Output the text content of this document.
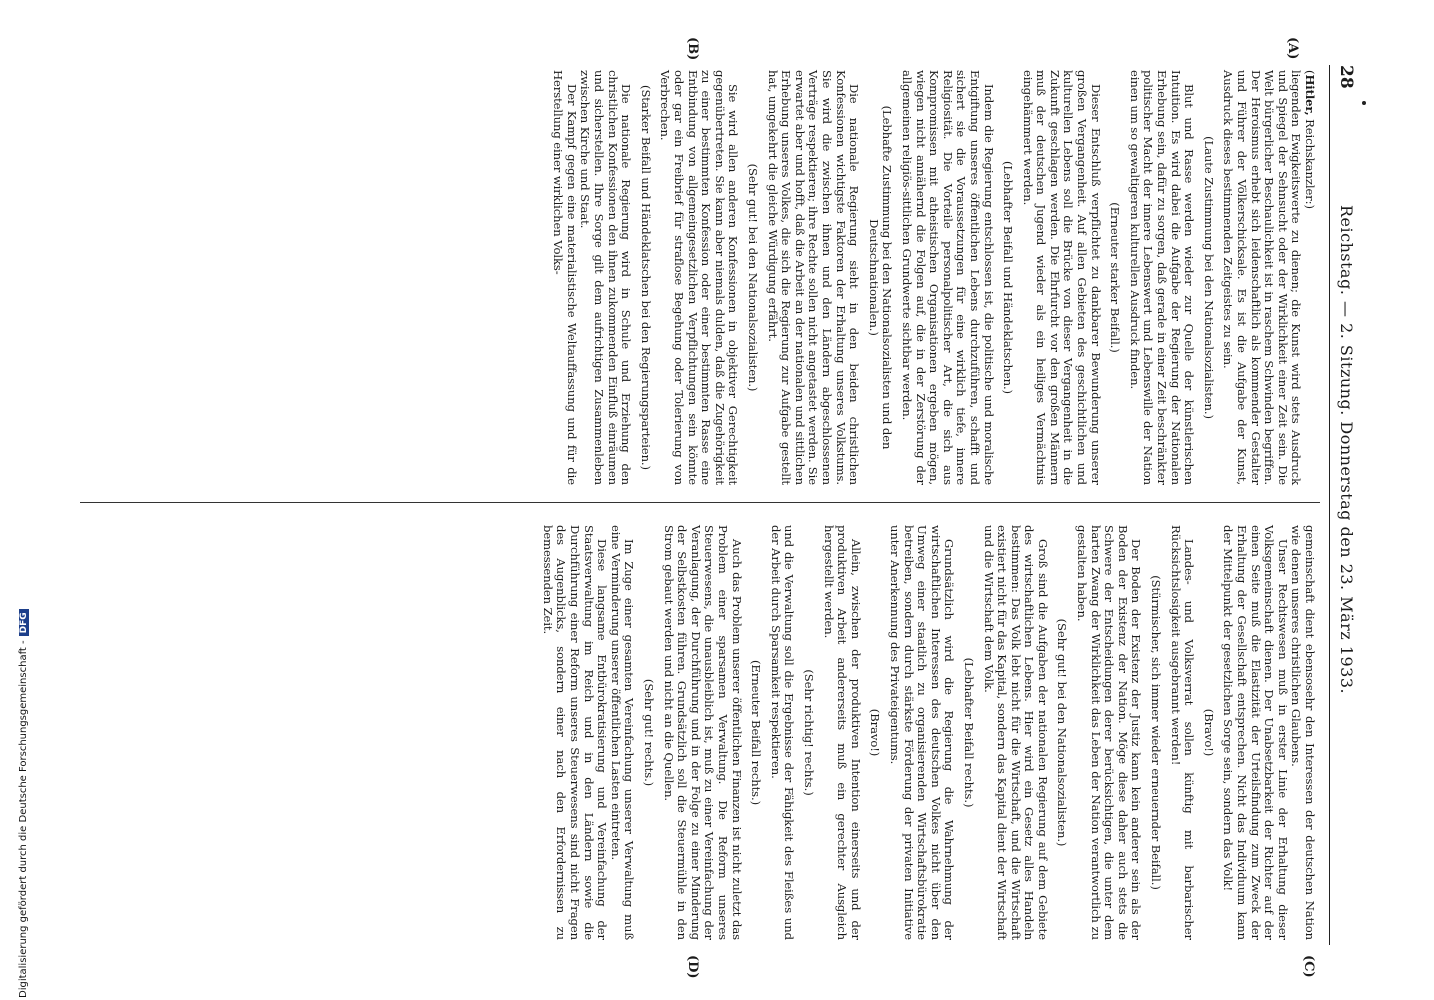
28
Reichstag. — 2. Sitzung. Donnerstag den 23. März 1933.
(A)
(B)
(C)
(D)

(Hitler, Reichskanzler:)

liegenden Ewigkeitswerte zu dienen; die Kunst wird stets Ausdruck und Spiegel der Sehnsucht oder der Wirklichkeit einer Zeit sein. Die Welt bürgerlicher Beschaulichkeit ist in raschem Schwinden begriffen. Der Heroismus erhebt sich leidenschaftlich als kommender Gestalter und Führer der Völkerschicksale. Es ist die Aufgabe der Kunst, Ausdruck dieses bestimmenden Zeitgeistes zu sein.

(Laute Zustimmung bei den Nationalsozialisten.)

Blut und Rasse werden wieder zur Quelle der künstlerischen Intuition. Es wird dabei die Aufgabe der Regierung der Nationalen Erhebung sein, dafür zu sorgen, daß gerade in einer Zeit beschränkter politischer Macht der innere Lebenswert und Lebenswille der Nation einen um so gewaltigeren kulturellen Ausdruck finden.

(Erneuter starker Beifall.)

Dieser Entschluß verpflichtet zu dankbarer Bewunderung unserer großen Vergangenheit. Auf allen Gebieten des geschichtlichen und kulturellen Lebens soll die Brücke von dieser Vergangenheit in die Zukunft geschlagen werden. Die Ehrfurcht vor den großen Männern muß der deutschen Jugend wieder als ein heiliges Vermächtnis eingehämmert werden.

(Lebhafter Beifall und Händeklatschen.)

Indem die Regierung entschlossen ist, die politische und moralische Entgiftung unseres öffentlichen Lebens durchzuführen, schafft und sichert sie die Voraussetzungen für eine wirklich tiefe, innere Religiosität. Die Vorteile personalpolitischer Art, die sich aus Kompromissen mit atheistischen Organisationen ergeben mögen, wiegen nicht annähernd die Folgen auf, die in der Zerstörung der allgemeinen religiös-sittlichen Grundwerte sichtbar werden.

(Lebhafte Zustimmung bei den Nationalsozialisten und den Deutschnationalen.)

Die nationale Regierung sieht in den beiden christlichen Konfessionen wichtigste Faktoren der Erhaltung unseres Volkstums. Sie wird die zwischen ihnen und den Ländern abgeschlossenen Verträge respektieren; ihre Rechte sollen nicht angetastet werden. Sie erwartet aber und hofft, daß die Arbeit an der nationalen und sittlichen Erhebung unseres Volkes, die sich die Regierung zur Aufgabe gestellt hat, umgekehrt die gleiche Würdigung erfährt.

(Sehr gut! bei den Nationalsozialisten.)

Sie wird allen anderen Konfessionen in objektiver Gerechtigkeit gegenübertreten. Sie kann aber niemals dulden, daß die Zugehörigkeit zu einer bestimmten Konfession oder einer bestimmten Rasse eine Entbindung von allgemeingesetzlichen Verpflichtungen sein könnte oder gar ein Freibrief für straflose Begehung oder Tolerierung von Verbrechen.

(Starker Beifall und Händeklatschen bei den Regierungsparteien.)

Die nationale Regierung wird in Schule und Erziehung den christlichen Konfessionen den ihnen zukommenden Einfluß einräumen und sicherstellen. Ihre Sorge gilt dem aufrichtigen Zusammenleben zwischen Kirche und Staat.

Der Kampf gegen eine materialistische Weltauffassung und für die Herstellung einer wirklichen Volks-

gemeinschaft dient ebensosehr den Interessen der deutschen Nation wie denen unseres christlichen Glaubens.

Unser Rechtswesen muß in erster Linie der Erhaltung dieser Volksgemeinschaft dienen. Der Unabsetzbarkeit der Richter auf der einen Seite muß die Elastizität der Urteilsfindung zum Zweck der Erhaltung der Gesellschaft entsprechen. Nicht das Individuum kann der Mittelpunkt der gesetzlichen Sorge sein, sondern das Volk!

(Bravo!)

Landes- und Volksverrat sollen künftig mit barbarischer Rücksichtslosigkeit ausgebrannt werden!

(Stürmischer, sich immer wieder erneuernder Beifall.)

Der Boden der Existenz der Justiz kann kein anderer sein als der Boden der Existenz der Nation. Möge diese daher auch stets die Schwere der Entscheidungen derer berücksichtigen, die unter dem harten Zwang der Wirklichkeit das Leben der Nation verantwortlich zu gestalten haben.

(Sehr gut! bei den Nationalsozialisten.)

Groß sind die Aufgaben der nationalen Regierung auf dem Gebiete des wirtschaftlichen Lebens. Hier wird ein Gesetz alles Handeln bestimmen: Das Volk lebt nicht für die Wirtschaft, und die Wirtschaft existiert nicht für das Kapital, sondern das Kapital dient der Wirtschaft und die Wirtschaft dem Volk.

(Lebhafter Beifall rechts.)

Grundsätzlich wird die Regierung die Wahrnehmung der wirtschaftlichen Interessen des deutschen Volkes nicht über den Umweg einer staatlich zu organisierenden Wirtschaftsbürokratie betreiben, sondern durch stärkste Förderung der privaten Initiative unter Anerkennung des Privateigentums.

(Bravo!)

Allein, zwischen der produktiven Intention einerseits und der produktiven Arbeit andererseits muß ein gerechter Ausgleich hergestellt werden.

(Sehr richtig! rechts.)

und die Verwaltung soll die Ergebnisse der Fähigkeit des Fleißes und der Arbeit durch Sparsamkeit respektieren.

(Erneuter Beifall rechts.)

Auch das Problem unserer öffentlichen Finanzen ist nicht zuletzt das Problem einer sparsamen Verwaltung. Die Reform unseres Steuerwesens, die unausbleiblich ist, muß zu einer Vereinfachung der Veranlagung, der Durchführung und in der Folge zu einer Minderung der Selbstkosten führen. Grundsätzlich soll die Steuermühle in den Strom gebaut werden und nicht an die Quellen.

(Sehr gut! rechts.)

Im Zuge einer gesamten Vereinfachung unserer Verwaltung muß eine Verminderung unserer öffentlichen Lasten eintreten.

Diese langsame Entbürokratisierung und Vereinfachung der Staatsverwaltung im Reich und in den Ländern sowie die Durchführung einer Reform unseres Steuerwesens sind nicht Fragen des Augenblicks, sondern einer nach den Erfordernissen zu bemessenden Zeit.

Digitalisierung gefördert durch die Deutsche Forschungsgemeinschaft -DFG
